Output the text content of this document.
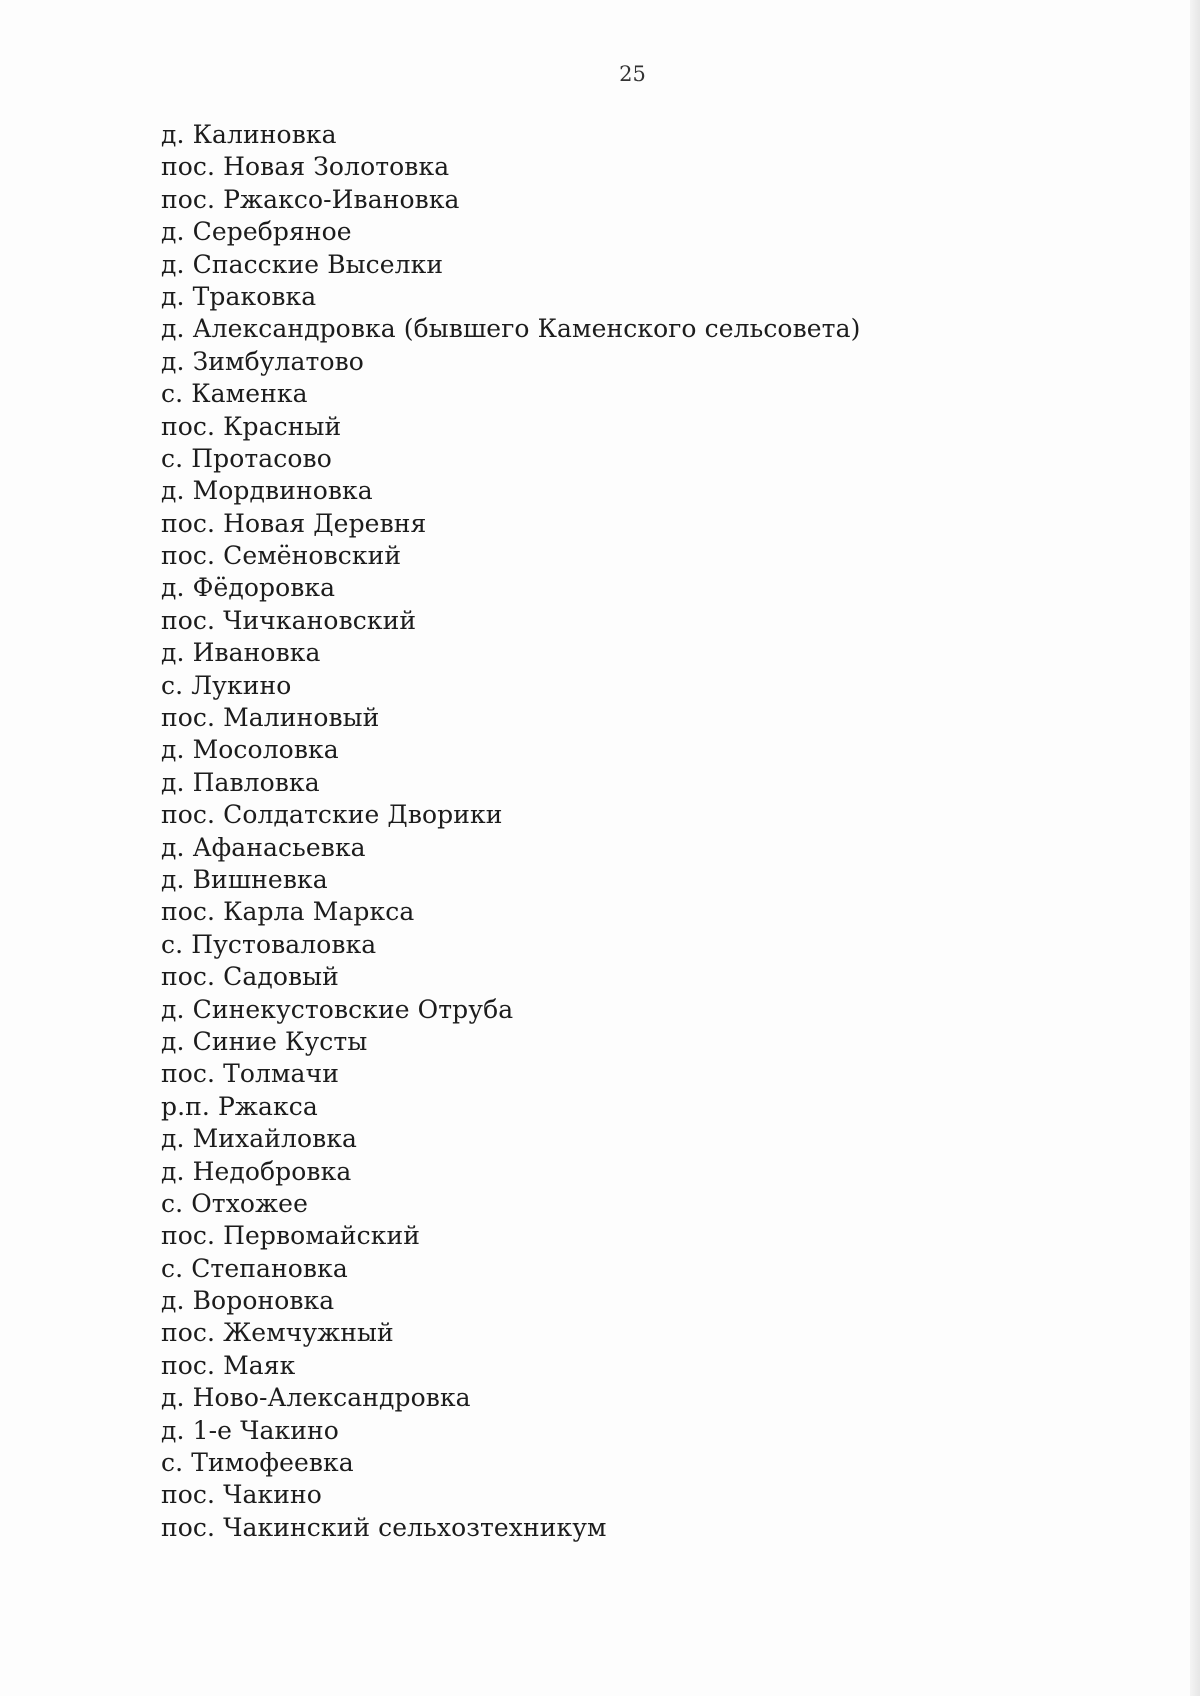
25
д. Калиновка
пос. Новая Золотовка
пос. Ржаксо-Ивановка
д. Серебряное
д. Спасские Выселки
д. Траковка
д. Александровка (бывшего Каменского сельсовета)
д. Зимбулатово
с. Каменка
пос. Красный
с. Протасово
д. Мордвиновка
пос. Новая Деревня
пос. Семёновский
д. Фёдоровка
пос. Чичкановский
д. Ивановка
с. Лукино
пос. Малиновый
д. Мосоловка
д. Павловка
пос. Солдатские Дворики
д. Афанасьевка
д. Вишневка
пос. Карла Маркса
с. Пустоваловка
пос. Садовый
д. Синекустовские Отруба
д. Синие Кусты
пос. Толмачи
р.п. Ржакса
д. Михайловка
д. Недобровка
с. Отхожее
пос. Первомайский
с. Степановка
д. Вороновка
пос. Жемчужный
пос. Маяк
д. Ново-Александровка
д. 1-е Чакино
с. Тимофеевка
пос. Чакино
пос. Чакинский сельхозтехникум
